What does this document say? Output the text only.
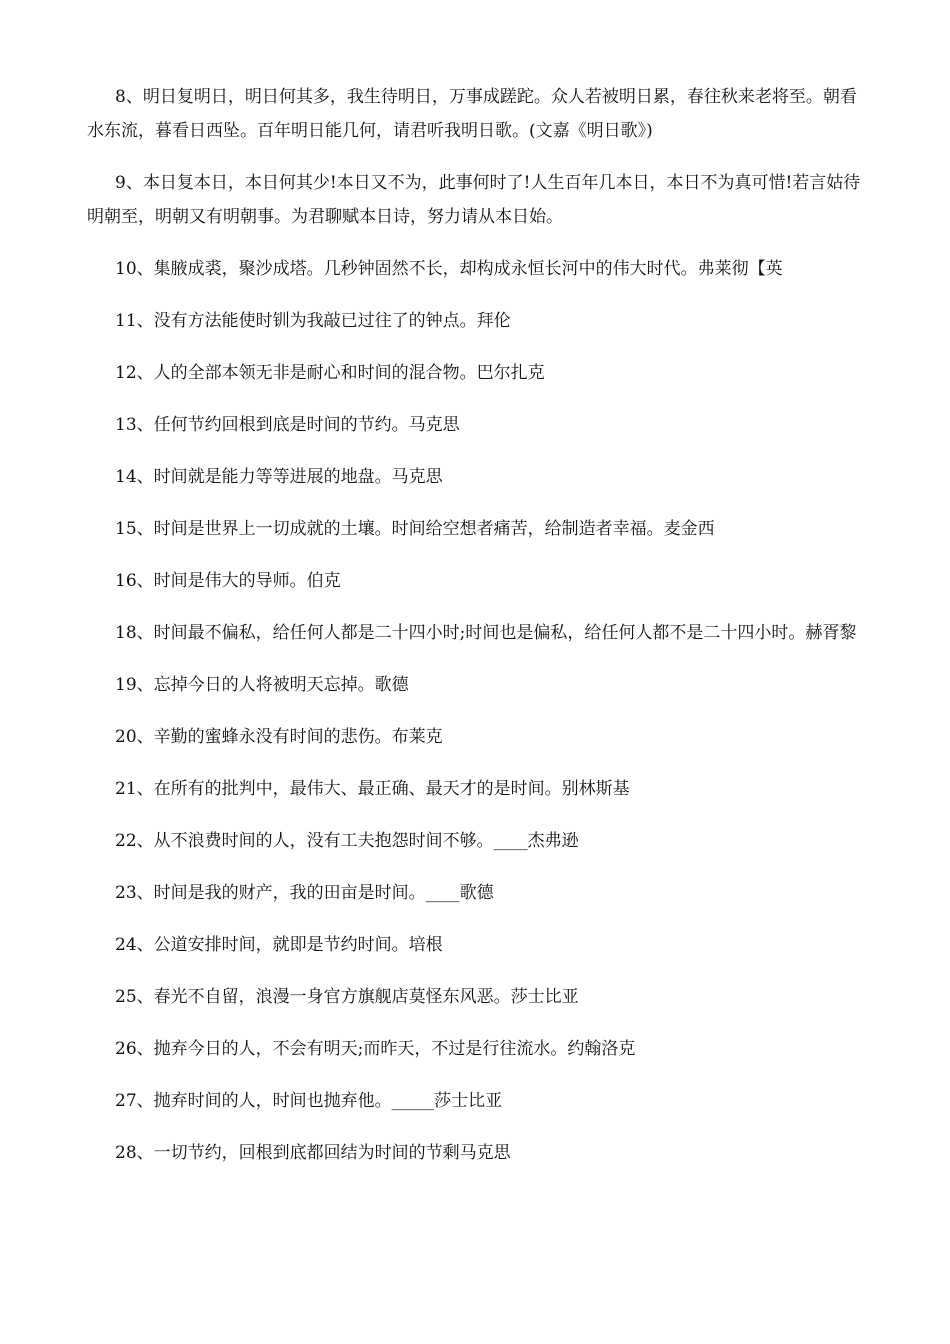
8、明日复明日，明日何其多，我生待明日，万事成蹉跎。众人若被明日累，春往秋来老将至。朝看水东流，暮看日西坠。百年明日能几何，请君听我明日歌。(文嘉《明日歌》)
9、本日复本日，本日何其少!本日又不为，此事何时了!人生百年几本日，本日不为真可惜!若言姑待明朝至，明朝又有明朝事。为君聊赋本日诗，努力请从本日始。
10、集腋成裘，聚沙成塔。几秒钟固然不长，却构成永恒长河中的伟大时代。弗莱彻【英
11、没有方法能使时钏为我敲已过往了的钟点。拜伦
12、人的全部本领无非是耐心和时间的混合物。巴尔扎克
13、任何节约回根到底是时间的节约。马克思
14、时间就是能力等等进展的地盘。马克思
15、时间是世界上一切成就的土壤。时间给空想者痛苦，给制造者幸福。麦金西
16、时间是伟大的导师。伯克
18、时间最不偏私，给任何人都是二十四小时;时间也是偏私，给任何人都不是二十四小时。赫胥黎
19、忘掉今日的人将被明天忘掉。歌德
20、辛勤的蜜蜂永没有时间的悲伤。布莱克
21、在所有的批判中，最伟大、最正确、最天才的是时间。别林斯基
22、从不浪费时间的人，没有工夫抱怨时间不够。____杰弗逊
23、时间是我的财产，我的田亩是时间。____歌德
24、公道安排时间，就即是节约时间。培根
25、春光不自留，浪漫一身官方旗舰店莫怪东风恶。莎士比亚
26、抛弃今日的人，不会有明天;而昨天，不过是行往流水。约翰洛克
27、抛弃时间的人，时间也抛弃他。_____莎士比亚
28、一切节约，回根到底都回结为时间的节剩马克思
